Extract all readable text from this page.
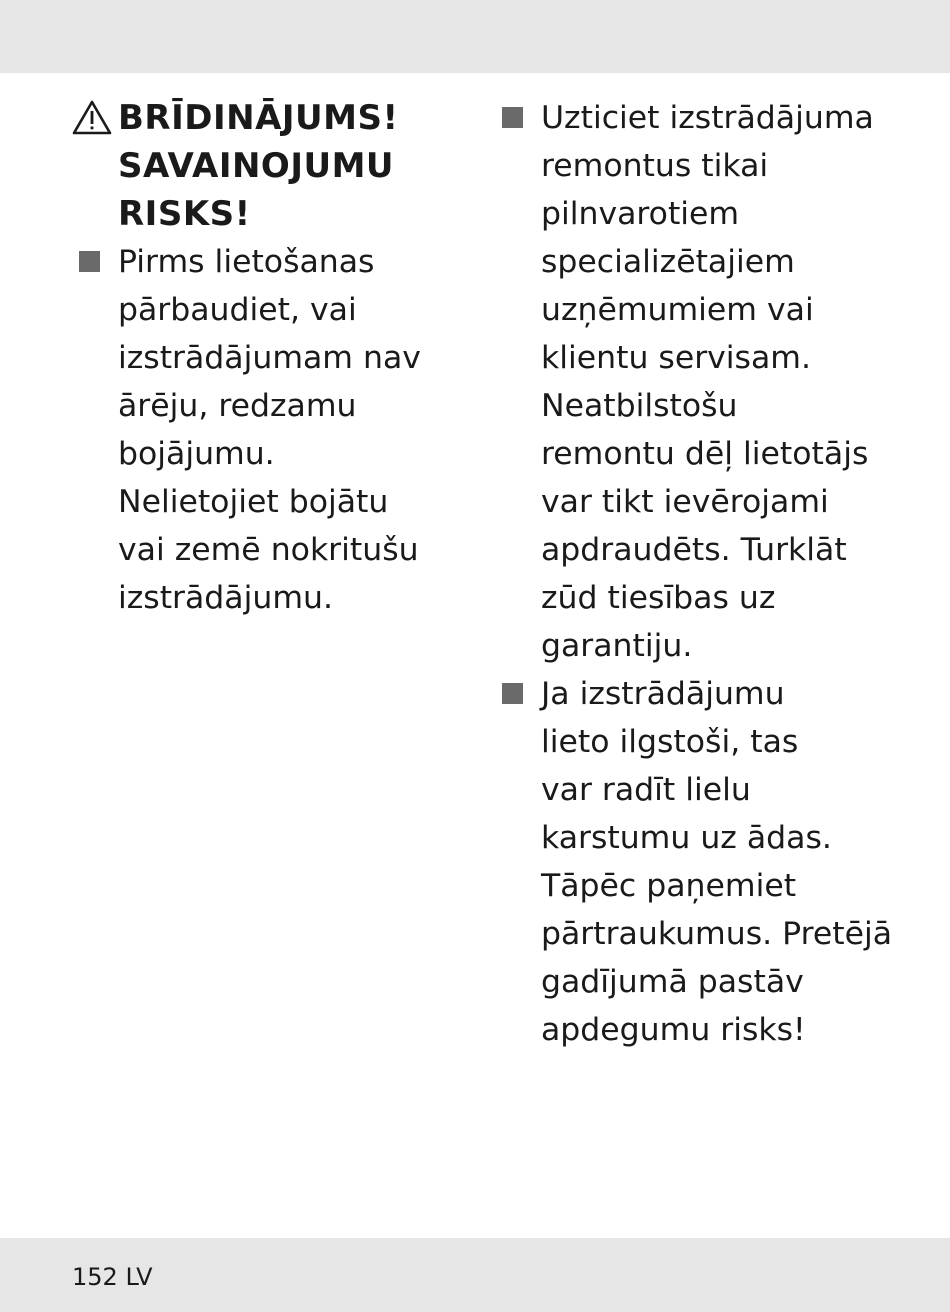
BRĪDINĀJUMS!
SAVAINOJUMU
RISKS!
Pirms lietošanas
pārbaudiet, vai
izstrādājumam nav
ārēju, redzamu
bojājumu.
Nelietojiet bojātu
vai zemē nokritušu
izstrādājumu.
Uzticiet izstrādājuma
remontus tikai
pilnvarotiem
specializētajiem
uzņēmumiem vai
klientu servisam.
Neatbilstošu
remontu dēļ lietotājs
var tikt ievērojami
apdraudēts. Turklāt
zūd tiesības uz
garantiju.
Ja izstrādājumu
lieto ilgstoši, tas
var radīt lielu
karstumu uz ādas.
Tāpēc paņemiet
pārtraukumus. Pretējā
gadījumā pastāv
apdegumu risks!
152 LV
